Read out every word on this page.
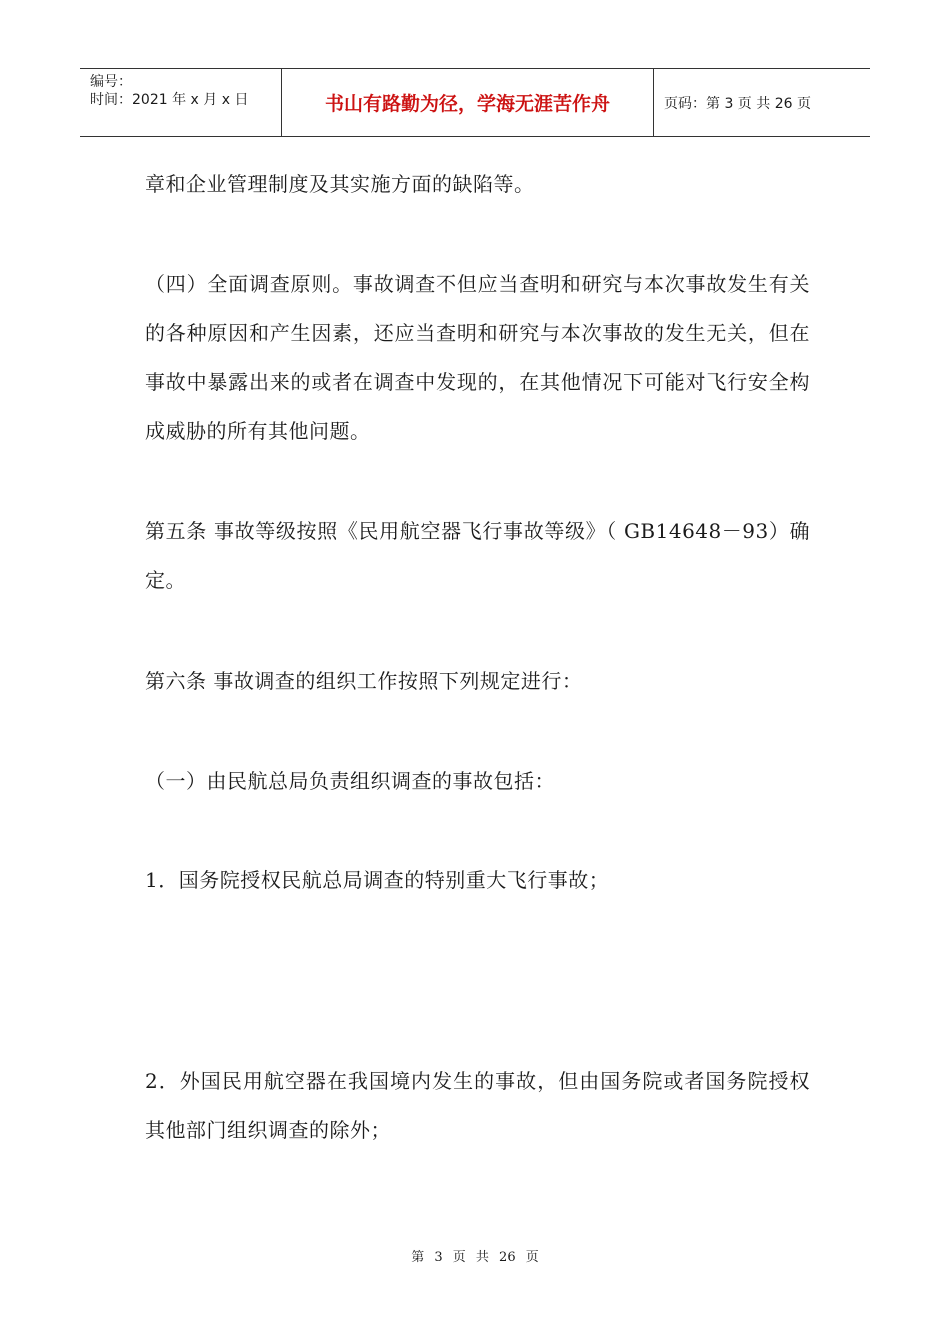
编号：
时间：2021 年 x 月 x 日	书山有路勤为径，学海无涯苦作舟	页码：第 3 页 共 26 页

章和企业管理制度及其实施方面的缺陷等。

（四）全面调查原则。事故调查不但应当查明和研究与本次事故发生有关的各种原因和产生因素，还应当查明和研究与本次事故的发生无关，但在事故中暴露出来的或者在调查中发现的，在其他情况下可能对飞行安全构成威胁的所有其他问题。

第五条 事故等级按照《民用航空器飞行事故等级》（ GB14648－93）确定。

第六条 事故调查的组织工作按照下列规定进行：

（一）由民航总局负责组织调查的事故包括：

1．国务院授权民航总局调查的特别重大飞行事故；

2．外国民用航空器在我国境内发生的事故，但由国务院或者国务院授权其他部门组织调查的除外；

第 3 页 共 26 页
